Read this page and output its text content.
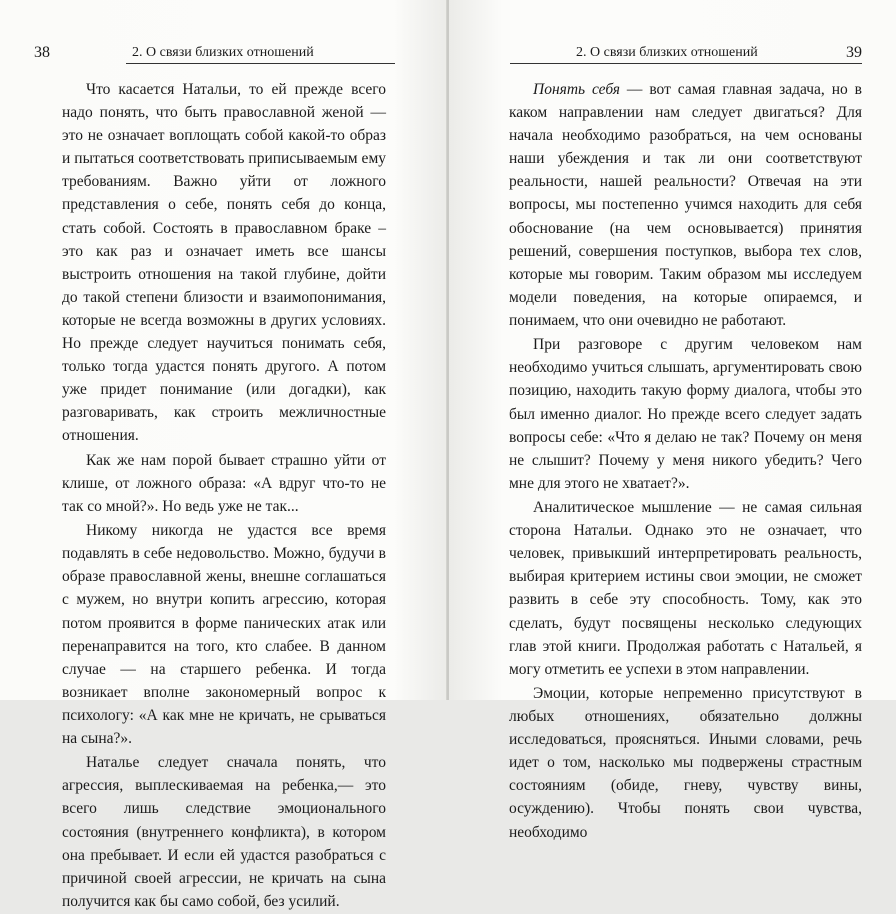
38	2. О связи близких отношений

Что касается Натальи, то ей прежде всего надо понять, что быть православной женой — это не означает воплощать собой какой-то образ и пытаться соответствовать приписываемым ему требованиям. Важно уйти от ложного представления о себе, понять себя до конца, стать собой. Состоять в православном браке – это как раз и означает иметь все шансы выстроить отношения на такой глубине, дойти до такой степени близости и взаимопонимания, которые не всегда возможны в других условиях. Но прежде следует научиться понимать себя, только тогда удастся понять другого. А потом уже придет понимание (или догадки), как разговаривать, как строить межличностные отношения.

Как же нам порой бывает страшно уйти от клише, от ложного образа: «А вдруг что-то не так со мной?». Но ведь уже не так...

Никому никогда не удастся все время подавлять в себе недовольство. Можно, будучи в образе православной жены, внешне соглашаться с мужем, но внутри копить агрессию, которая потом проявится в форме панических атак или перенаправится на того, кто слабее. В данном случае — на старшего ребенка. И тогда возникает вполне закономерный вопрос к психологу: «А как мне не кричать, не срываться на сына?».

Наталье следует сначала понять, что агрессия, выплескиваемая на ребенка,— это всего лишь следствие эмоционального состояния (внутреннего конфликта), в котором она пребывает. И если ей удастся разобраться с причиной своей агрессии, не кричать на сына получится как бы само собой, без усилий.

2. О связи близких отношений	39

Понять себя — вот самая главная задача, но в каком направлении нам следует двигаться? Для начала необходимо разобраться, на чем основаны наши убеждения и так ли они соответствуют реальности, нашей реальности? Отвечая на эти вопросы, мы постепенно учимся находить для себя обоснование (на чем основывается) принятия решений, совершения поступков, выбора тех слов, которые мы говорим. Таким образом мы исследуем модели поведения, на которые опираемся, и понимаем, что они очевидно не работают.

При разговоре с другим человеком нам необходимо учиться слышать, аргументировать свою позицию, находить такую форму диалога, чтобы это был именно диалог. Но прежде всего следует задать вопросы себе: «Что я делаю не так? Почему он меня не слышит? Почему у меня никого убедить? Чего мне для этого не хватает?».

Аналитическое мышление — не самая сильная сторона Натальи. Однако это не означает, что человек, привыкший интерпретировать реальность, выбирая критерием истины свои эмоции, не сможет развить в себе эту способность. Тому, как это сделать, будут посвящены несколько следующих глав этой книги. Продолжая работать с Натальей, я могу отметить ее успехи в этом направлении.

Эмоции, которые непременно присутствуют в любых отношениях, обязательно должны исследоваться, проясняться. Иными словами, речь идет о том, насколько мы подвержены страстным состояниям (обиде, гневу, чувству вины, осуждению). Чтобы понять свои чувства, необходимо
